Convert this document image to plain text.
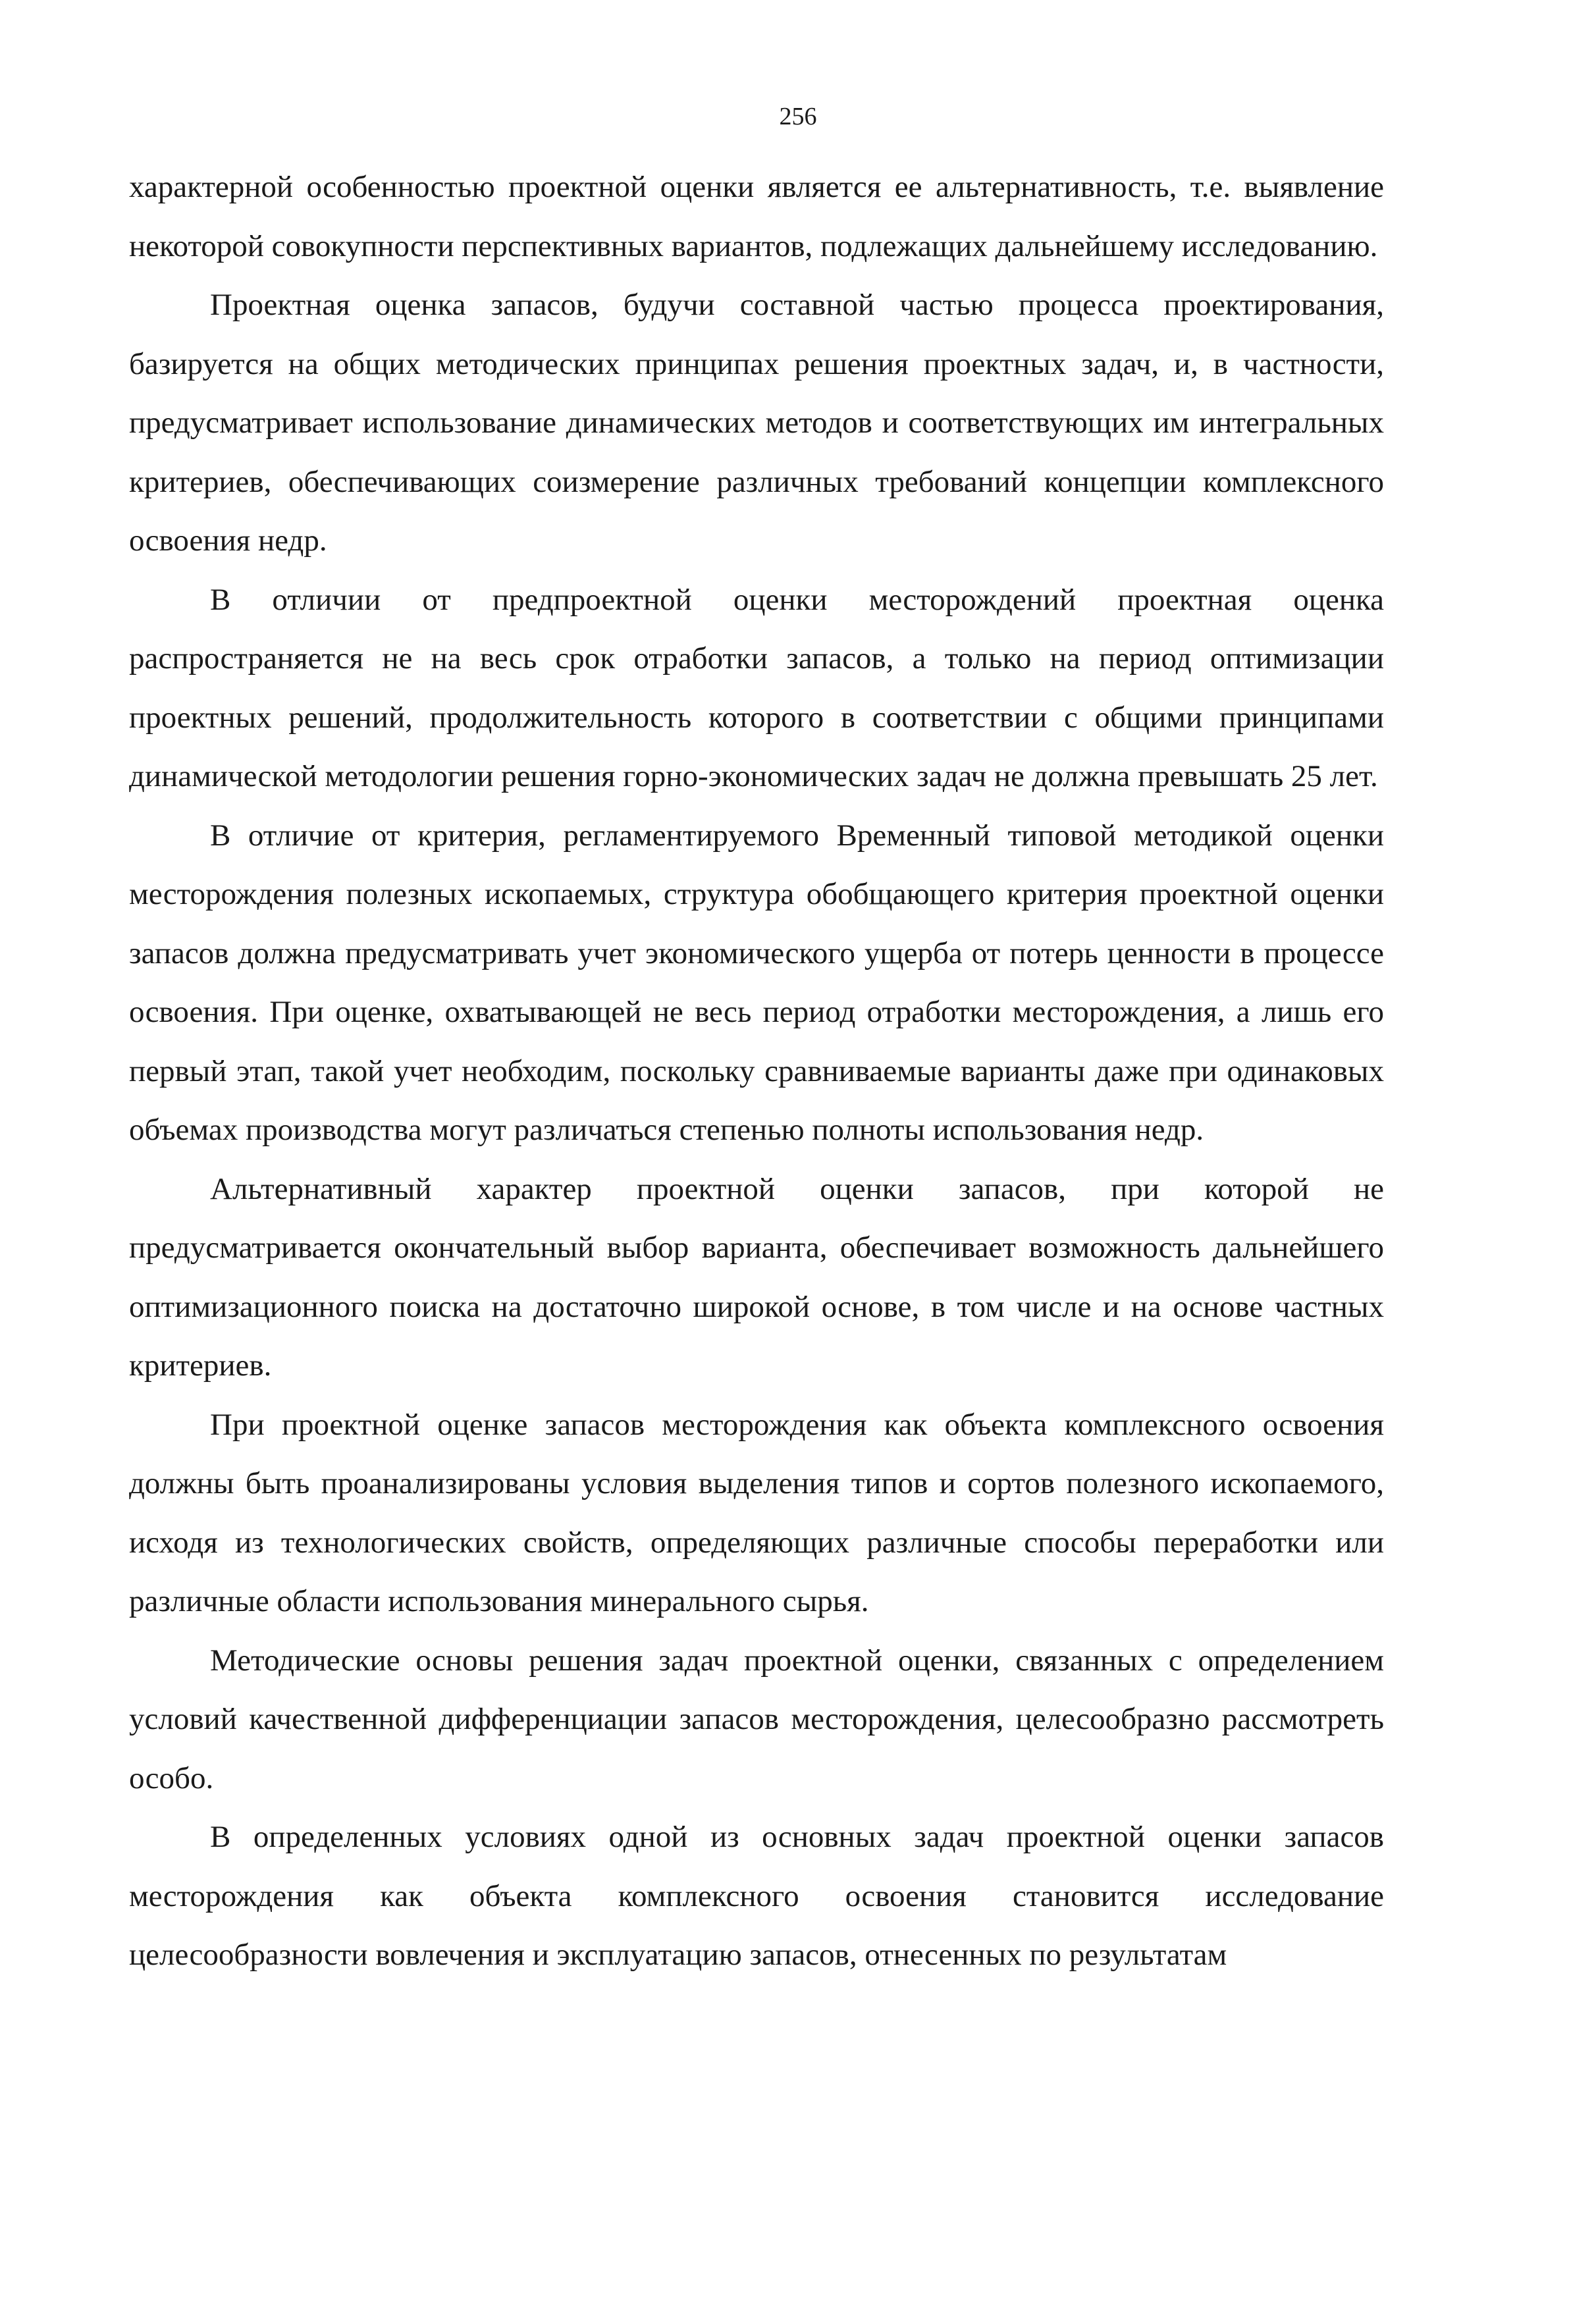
256

характерной особенностью проектной оценки является ее альтернативность, т.е. выявление некоторой совокупности перспективных вариантов, подлежащих дальнейшему исследованию.

Проектная оценка запасов, будучи составной частью процесса проектирования, базируется на общих методических принципах решения проектных задач, и, в частности, предусматривает использование динамических методов и соответствующих им интегральных критериев, обеспечивающих соизмерение различных требований концепции комплексного освоения недр.

В отличии от предпроектной оценки месторождений проектная оценка распространяется не на весь срок отработки запасов, а только на период оптимизации проектных решений, продолжительность которого в соответствии с общими принципами динамической методологии решения горно-экономических задач не должна превышать 25 лет.

В отличие от критерия, регламентируемого Временный типовой методикой оценки месторождения полезных ископаемых, структура обобщающего критерия проектной оценки запасов должна предусматривать учет экономического ущерба от потерь ценности в процессе освоения. При оценке, охватывающей не весь период отработки месторождения, а лишь его первый этап, такой учет необходим, поскольку сравниваемые варианты даже при одинаковых объемах производства могут различаться степенью полноты использования недр.

Альтернативный характер проектной оценки запасов, при которой не предусматривается окончательный выбор варианта, обеспечивает возможность дальнейшего оптимизационного поиска на достаточно широкой основе, в том числе и на основе частных критериев.

При проектной оценке запасов месторождения как объекта комплексного освоения должны быть проанализированы условия выделения типов и сортов полезного ископаемого, исходя из технологических свойств, определяющих различные способы переработки или различные области использования минерального сырья.

Методические основы решения задач проектной оценки, связанных с определением условий качественной дифференциации запасов месторождения, целесообразно рассмотреть особо.

В определенных условиях одной из основных задач проектной оценки запасов месторождения как объекта комплексного освоения становится исследование целесообразности вовлечения и эксплуатацию запасов, отнесенных по результатам
